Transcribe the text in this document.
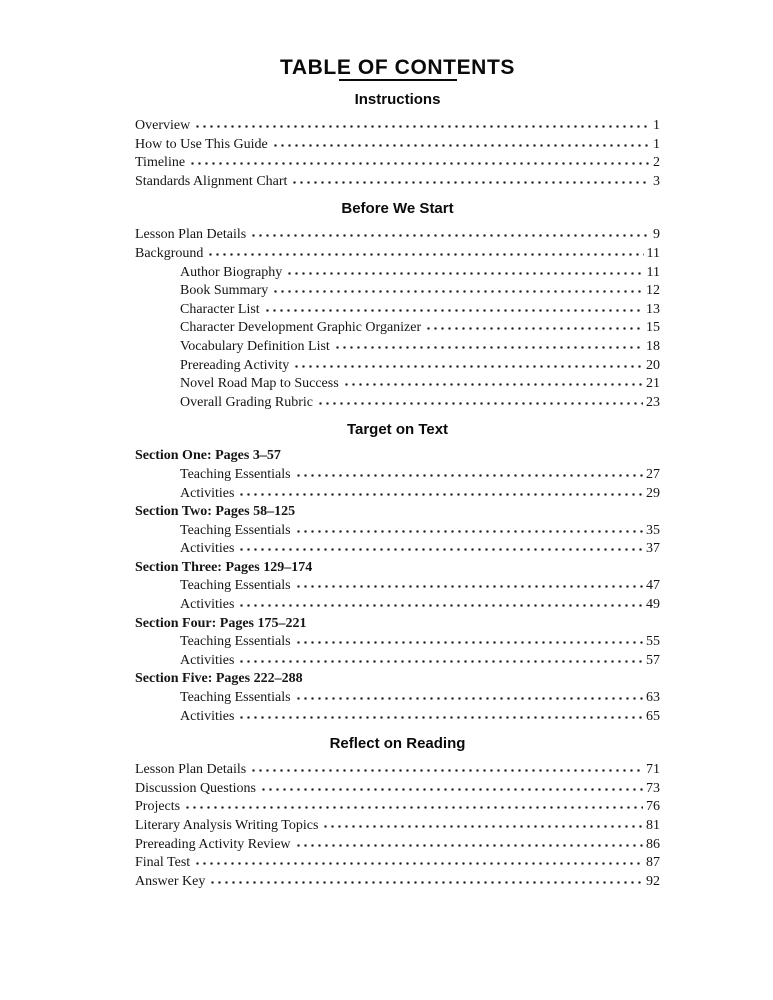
TABLE OF CONTENTS
Instructions
Overview	1
How to Use This Guide	1
Timeline	2
Standards Alignment Chart	3
Before We Start
Lesson Plan Details	9
Background	11
Author Biography	11
Book Summary	12
Character List	13
Character Development Graphic Organizer	15
Vocabulary Definition List	18
Prereading Activity	20
Novel Road Map to Success	21
Overall Grading Rubric	23
Target on Text
Section One: Pages 3–57
Teaching Essentials	27
Activities	29
Section Two: Pages 58–125
Teaching Essentials	35
Activities	37
Section Three: Pages 129–174
Teaching Essentials	47
Activities	49
Section Four: Pages 175–221
Teaching Essentials	55
Activities	57
Section Five: Pages 222–288
Teaching Essentials	63
Activities	65
Reflect on Reading
Lesson Plan Details	71
Discussion Questions	73
Projects	76
Literary Analysis Writing Topics	81
Prereading Activity Review	86
Final Test	87
Answer Key	92
